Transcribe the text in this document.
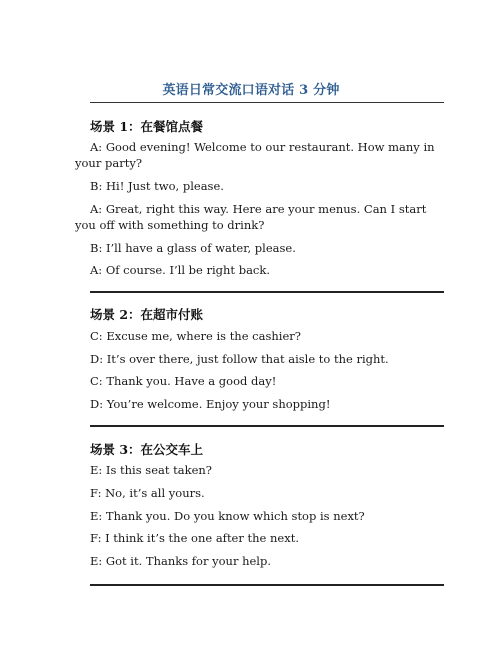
英语日常交流口语对话 3 分钟
场景 1：在餐馆点餐
A: Good evening! Welcome to our restaurant. How many in
your party?
B: Hi! Just two, please.
A: Great, right this way. Here are your menus. Can I start
you off with something to drink?
B: I’ll have a glass of water, please.
A: Of course. I’ll be right back.
场景 2：在超市付账
C: Excuse me, where is the cashier?
D: It’s over there, just follow that aisle to the right.
C: Thank you. Have a good day!
D: You’re welcome. Enjoy your shopping!
场景 3：在公交车上
E: Is this seat taken?
F: No, it’s all yours.
E: Thank you. Do you know which stop is next?
F: I think it’s the one after the next.
E: Got it. Thanks for your help.
